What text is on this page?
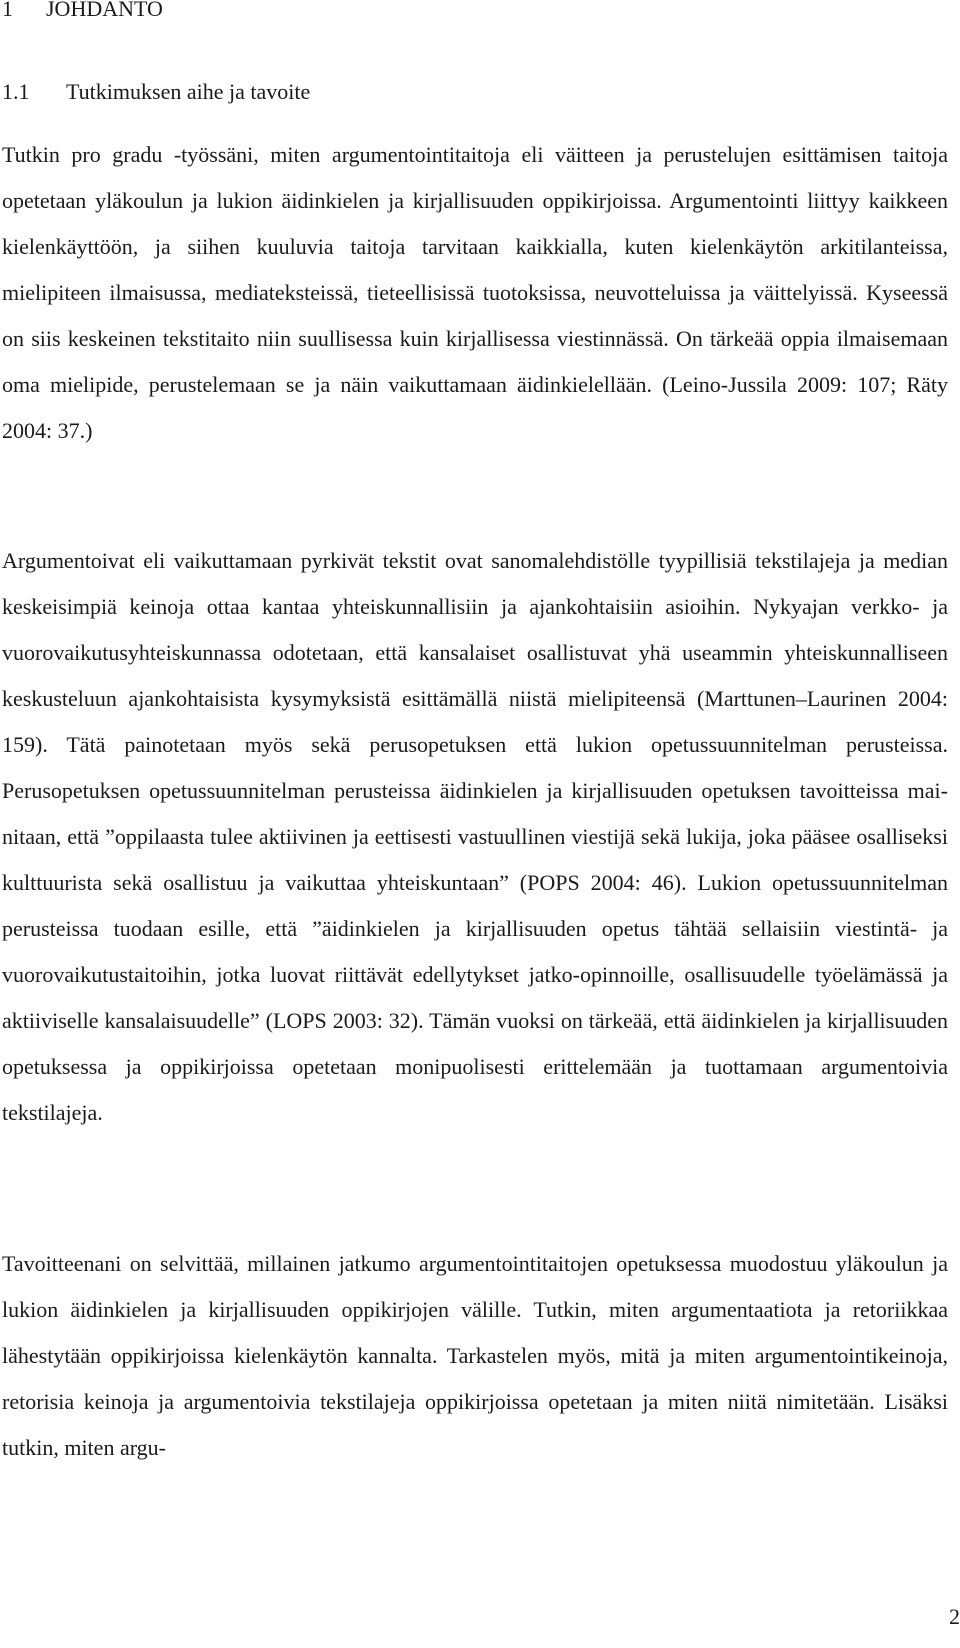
1 JOHDANTO
1.1 Tutkimuksen aihe ja tavoite

Tutkin pro gradu -työssäni, miten argumentointitaitoja eli väitteen ja perustelujen esittämisen taitoja opetetaan yläkoulun ja lukion äidinkielen ja kirjallisuuden oppikirjoissa. Argumentointi liittyy kaikkeen kielenkäyttöön, ja siihen kuuluvia taitoja tarvitaan kaikkialla, kuten kielenkäytön arkitilanteissa, mielipiteen ilmaisussa, mediateksteissä, tieteellisissä tuotoksissa, neuvotteluissa ja väittelyissä. Kyseessä on siis keskeinen tekstitaito niin suullisessa kuin kirjallisessa viestinnässä. On tärkeää oppia ilmaisemaan oma mielipide, perustelemaan se ja näin vaikuttamaan äidinkielellään. (Leino-Jussila 2009: 107; Räty 2004: 37.)

Argumentoivat eli vaikuttamaan pyrkivät tekstit ovat sanomalehdistölle tyypillisiä tekstilajeja ja median keskeisimpiä keinoja ottaa kantaa yhteiskunnallisiin ja ajankohtaisiin asioihin. Nykyajan verkko- ja vuorovaikutusyhteiskunnassa odotetaan, että kansalaiset osallistuvat yhä useammin yhteiskunnalliseen keskusteluun ajankohtaisista kysymyksistä esittämällä niistä mielipiteensä (Marttunen–Laurinen 2004: 159). Tätä painotetaan myös sekä perusopetuksen että lukion opetussuunnitelman perusteissa. Perusopetuksen opetussuunnitelman perusteissa äidinkielen ja kirjallisuuden opetuksen tavoitteissa mainitaan, että ”oppilaasta tulee aktiivinen ja eettisesti vastuullinen viestijä sekä lukija, joka pääsee osalliseksi kulttuurista sekä osallistuu ja vaikuttaa yhteiskuntaan” (POPS 2004: 46). Lukion opetussuunnitelman perusteissa tuodaan esille, että ”äidinkielen ja kirjallisuuden opetus tähtää sellaisiin viestintä- ja vuorovaikutustaitoihin, jotka luovat riittävät edellytykset jatko-opinnoille, osallisuudelle työelämässä ja aktiiviselle kansalaisuudelle” (LOPS 2003: 32). Tämän vuoksi on tärkeää, että äidinkielen ja kirjallisuuden opetuksessa ja oppikirjoissa opetetaan monipuolisesti erittelemään ja tuottamaan argumentoivia tekstilajeja.

Tavoitteenani on selvittää, millainen jatkumo argumentointitaitojen opetuksessa muodostuu yläkoulun ja lukion äidinkielen ja kirjallisuuden oppikirjojen välille. Tutkin, miten argumentaatiota ja retoriikkaa lähestytään oppikirjoissa kielenkäytön kannalta. Tarkastelen myös, mitä ja miten argumentointikeinoja, retorisia keinoja ja argumentoivia tekstilajeja oppikirjoissa opetetaan ja miten niitä nimitetään. Lisäksi tutkin, miten argu-

2
